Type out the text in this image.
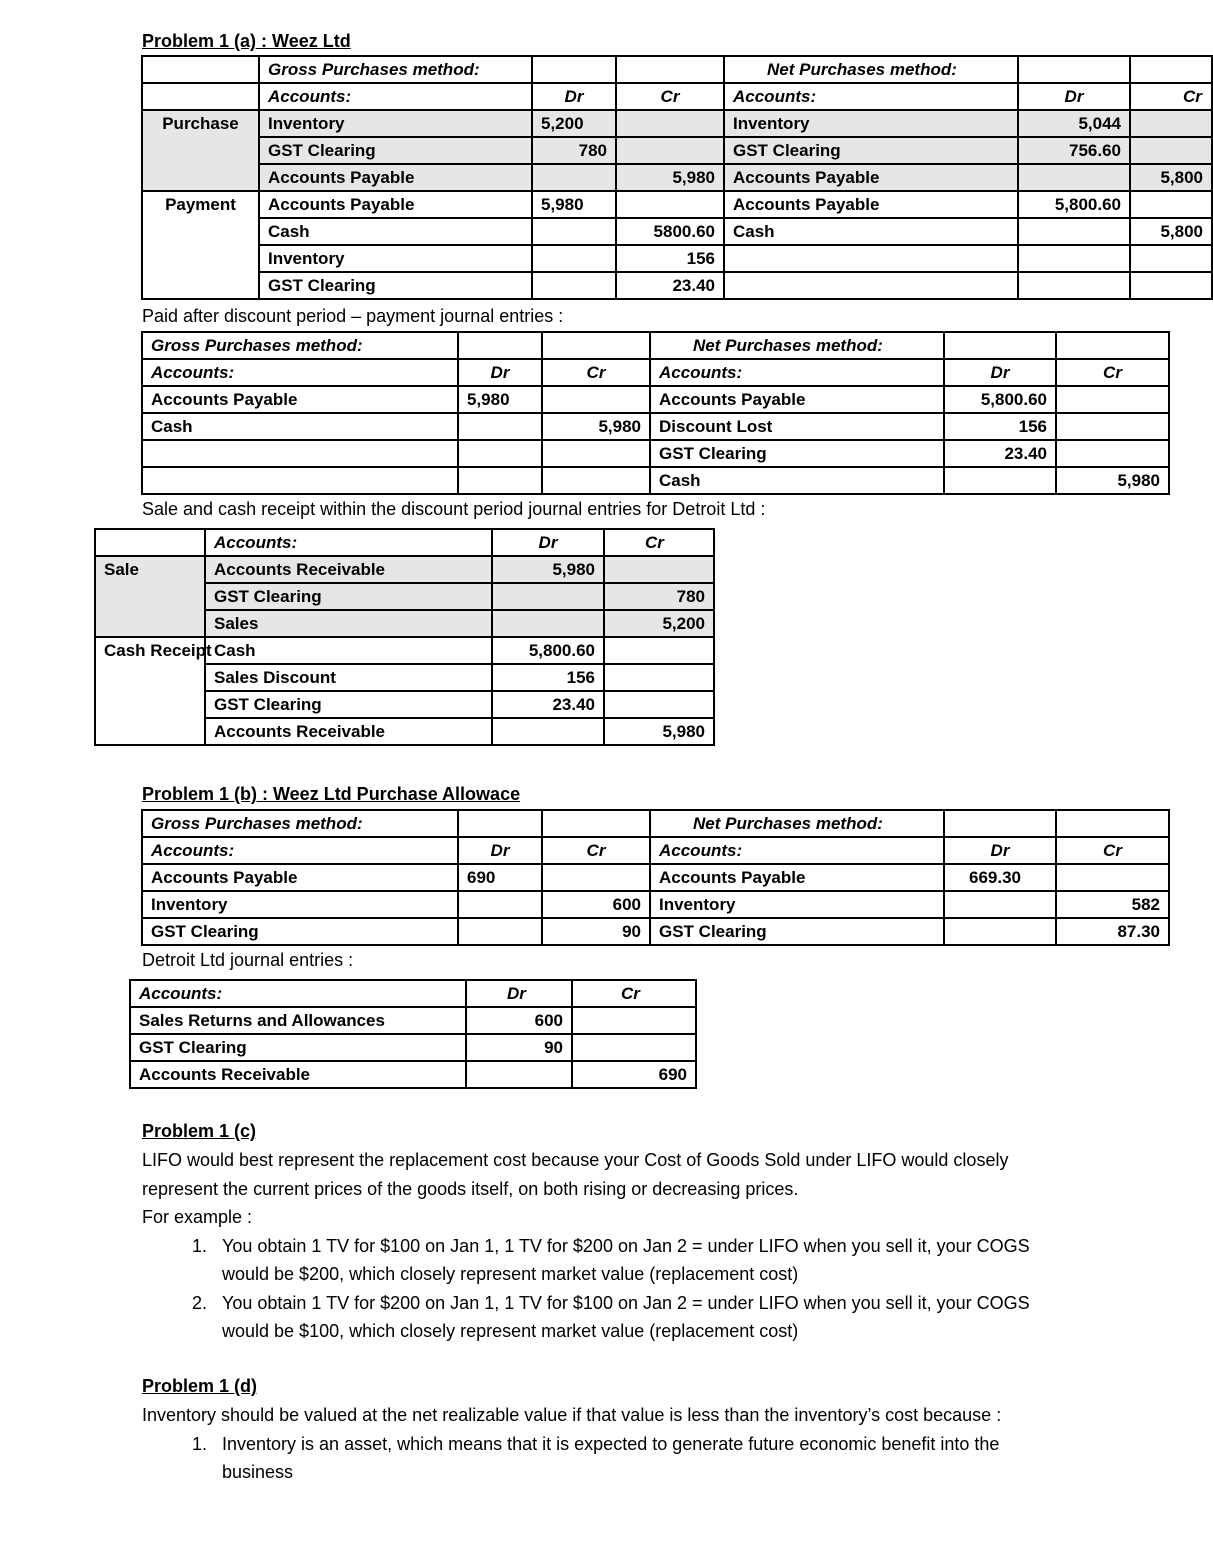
Problem 1 (a) : Weez Ltd
	Gross Purchases method:			Net Purchases method:		
	Accounts:	Dr	Cr	Accounts:	Dr	Cr
Purchase	Inventory	5,200		Inventory	5,044	
	GST Clearing	780		GST Clearing	756.60	
	Accounts Payable		5,980	Accounts Payable		5,800
Payment	Accounts Payable	5,980		Accounts Payable	5,800.60	
	Cash		5800.60	Cash		5,800
	Inventory		156			
	GST Clearing		23.40			
Paid after discount period – payment journal entries :
Gross Purchases method:			Net Purchases method:		
Accounts:	Dr	Cr	Accounts:	Dr	Cr
Accounts Payable	5,980		Accounts Payable	5,800.60	
Cash		5,980	Discount Lost	156	
			GST Clearing	23.40	
			Cash		5,980
Sale and cash receipt within the discount period journal entries for Detroit Ltd :
	Accounts:	Dr	Cr
Sale	Accounts Receivable	5,980	
	GST Clearing		780
	Sales		5,200
Cash Receipt	Cash	5,800.60	
	Sales Discount	156	
	GST Clearing	23.40	
	Accounts Receivable		5,980
Problem 1 (b) : Weez Ltd Purchase Allowace
Gross Purchases method:			Net Purchases method:		
Accounts:	Dr	Cr	Accounts:	Dr	Cr
Accounts Payable	690		Accounts Payable	669.30	
Inventory		600	Inventory		582
GST Clearing		90	GST Clearing		87.30
Detroit Ltd journal entries :
Accounts:	Dr	Cr
Sales Returns and Allowances	600	
GST Clearing	90	
Accounts Receivable		690
Problem 1 (c)
LIFO would best represent the replacement cost because your Cost of Goods Sold under LIFO would closely represent the current prices of the goods itself, on both rising or decreasing prices.
For example :
1. You obtain 1 TV for $100 on Jan 1, 1 TV for $200 on Jan 2 = under LIFO when you sell it, your COGS would be $200, which closely represent market value (replacement cost)
2. You obtain 1 TV for $200 on Jan 1, 1 TV for $100 on Jan 2 = under LIFO when you sell it, your COGS would be $100, which closely represent market value (replacement cost)
Problem 1 (d)
Inventory should be valued at the net realizable value if that value is less than the inventory’s cost because :
1. Inventory is an asset, which means that it is expected to generate future economic benefit into the business
